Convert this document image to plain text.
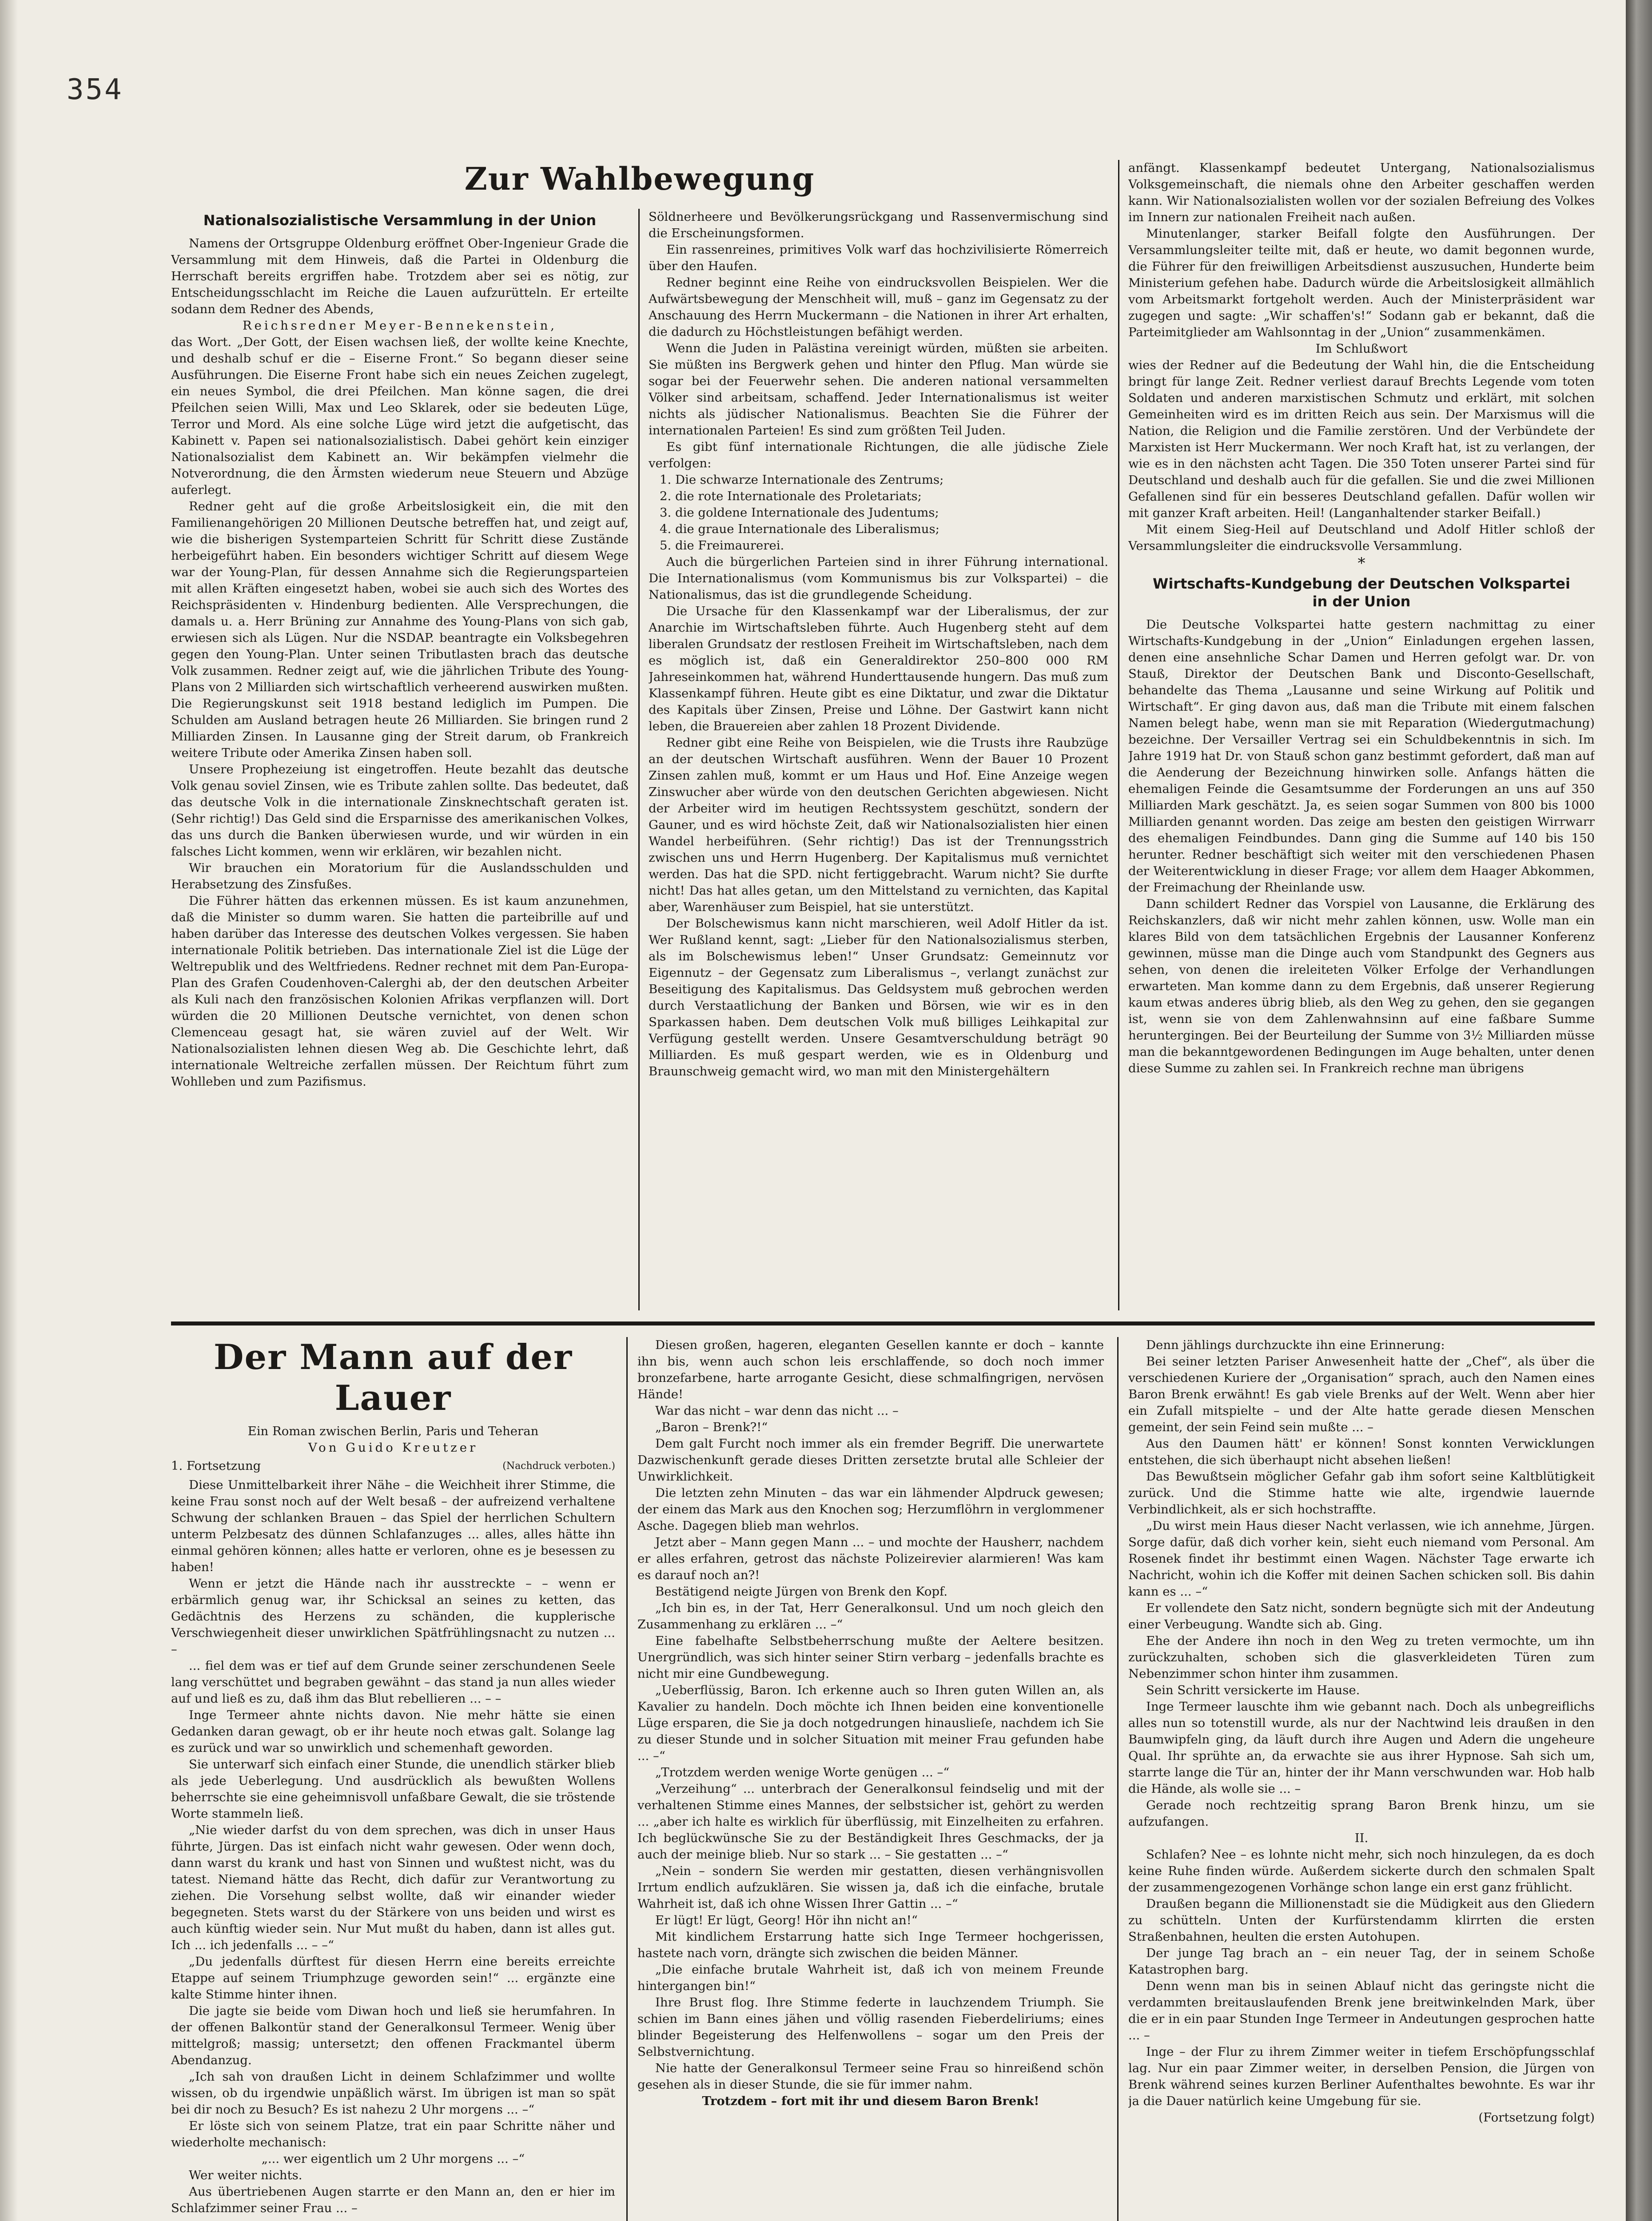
354
Zur Wahlbewegung
Nationalsozialistische Versammlung in der Union

Namens der Ortsgruppe Oldenburg eröffnet Ober-Ingenieur Grade die Versammlung mit dem Hinweis, daß die Partei in Oldenburg die Herrschaft bereits ergriffen habe. Trotzdem aber sei es nötig, zur Entscheidungsschlacht im Reiche die Lauen aufzurütteln. Er erteilte sodann dem Redner des Abends,

Reichsredner Meyer-Bennekenstein,

das Wort. „Der Gott, der Eisen wachsen ließ, der wollte keine Knechte, und deshalb schuf er die – Eiserne Front.“ So begann dieser seine Ausführungen. Die Eiserne Front habe sich ein neues Zeichen zugelegt, ein neues Symbol, die drei Pfeilchen. Man könne sagen, die drei Pfeilchen seien Willi, Max und Leo Sklarek, oder sie bedeuten Lüge, Terror und Mord. Als eine solche Lüge wird jetzt die aufgetischt, das Kabinett v. Papen sei nationalsozialistisch. Dabei gehört kein einziger Nationalsozialist dem Kabinett an. Wir bekämpfen vielmehr die Notverordnung, die den Ärmsten wiederum neue Steuern und Abzüge auferlegt.

Redner geht auf die große Arbeitslosigkeit ein, die mit den Familienangehörigen 20 Millionen Deutsche betreffen hat, und zeigt auf, wie die bisherigen Systemparteien Schritt für Schritt diese Zustände herbeigeführt haben. Ein besonders wichtiger Schritt auf diesem Wege war der Young-Plan, für dessen Annahme sich die Regierungsparteien mit allen Kräften eingesetzt haben, wobei sie auch sich des Wortes des Reichspräsidenten v. Hindenburg bedienten. Alle Versprechungen, die damals u. a. Herr Brüning zur Annahme des Young-Plans von sich gab, erwiesen sich als Lügen. Nur die NSDAP. beantragte ein Volksbegehren gegen den Young-Plan. Unter seinen Tributlasten brach das deutsche Volk zusammen. Redner zeigt auf, wie die jährlichen Tribute des Young-Plans von 2 Milliarden sich wirtschaftlich verheerend auswirken mußten. Die Regierungskunst seit 1918 bestand lediglich im Pumpen. Die Schulden am Ausland betragen heute 26 Milliarden. Sie bringen rund 2 Milliarden Zinsen. In Lausanne ging der Streit darum, ob Frankreich weitere Tribute oder Amerika Zinsen haben soll.

Unsere Prophezeiung ist eingetroffen. Heute bezahlt das deutsche Volk genau soviel Zinsen, wie es Tribute zahlen sollte. Das bedeutet, daß das deutsche Volk in die internationale Zinsknechtschaft geraten ist. (Sehr richtig!) Das Geld sind die Ersparnisse des amerikanischen Volkes, das uns durch die Banken überwiesen wurde, und wir würden in ein falsches Licht kommen, wenn wir erklären, wir bezahlen nicht.

Wir brauchen ein Moratorium für die Auslandsschulden und Herabsetzung des Zinsfußes.

Die Führer hätten das erkennen müssen. Es ist kaum anzunehmen, daß die Minister so dumm waren. Sie hatten die parteibrille auf und haben darüber das Interesse des deutschen Volkes vergessen. Sie haben internationale Politik betrieben. Das internationale Ziel ist die Lüge der Weltrepublik und des Weltfriedens. Redner rechnet mit dem Pan-Europa-Plan des Grafen Coudenhoven-Calerghi ab, der den deutschen Arbeiter als Kuli nach den französischen Kolonien Afrikas verpflanzen will. Dort würden die 20 Millionen Deutsche vernichtet, von denen schon Clemenceau gesagt hat, sie wären zuviel auf der Welt. Wir Nationalsozialisten lehnen diesen Weg ab. Die Geschichte lehrt, daß internationale Weltreiche zerfallen müssen. Der Reichtum führt zum Wohlleben und zum Pazifismus.

Söldnerheere und Bevölkerungsrückgang und Rassenvermischung sind die Erscheinungsformen.

Ein rassenreines, primitives Volk warf das hochzivilisierte Römerreich über den Haufen.

Redner beginnt eine Reihe von eindrucksvollen Beispielen. Wer die Aufwärtsbewegung der Menschheit will, muß – ganz im Gegensatz zu der Anschauung des Herrn Muckermann – die Nationen in ihrer Art erhalten, die dadurch zu Höchstleistungen befähigt werden.

Wenn die Juden in Palästina vereinigt würden, müßten sie arbeiten. Sie müßten ins Bergwerk gehen und hinter den Pflug. Man würde sie sogar bei der Feuerwehr sehen. Die anderen national versammelten Völker sind arbeitsam, schaffend. Jeder Internationalismus ist weiter nichts als jüdischer Nationalismus. Beachten Sie die Führer der internationalen Parteien! Es sind zum größten Teil Juden.

Es gibt fünf internationale Richtungen, die alle jüdische Ziele verfolgen:

1. Die schwarze Internationale des Zentrums;
2. die rote Internationale des Proletariats;
3. die goldene Internationale des Judentums;
4. die graue Internationale des Liberalismus;
5. die Freimaurerei.

Auch die bürgerlichen Parteien sind in ihrer Führung international. Die Internationalismus (vom Kommunismus bis zur Volkspartei) – die Nationalismus, das ist die grundlegende Scheidung.

Die Ursache für den Klassenkampf war der Liberalismus, der zur Anarchie im Wirtschaftsleben führte. Auch Hugenberg steht auf dem liberalen Grundsatz der restlosen Freiheit im Wirtschaftsleben, nach dem es möglich ist, daß ein Generaldirektor 250–800 000 RM Jahreseinkommen hat, während Hunderttausende hungern. Das muß zum Klassenkampf führen. Heute gibt es eine Diktatur, und zwar die Diktatur des Kapitals über Zinsen, Preise und Löhne. Der Gastwirt kann nicht leben, die Brauereien aber zahlen 18 Prozent Dividende.

Redner gibt eine Reihe von Beispielen, wie die Trusts ihre Raubzüge an der deutschen Wirtschaft ausführen. Wenn der Bauer 10 Prozent Zinsen zahlen muß, kommt er um Haus und Hof. Eine Anzeige wegen Zinswucher aber würde von den deutschen Gerichten abgewiesen. Nicht der Arbeiter wird im heutigen Rechtssystem geschützt, sondern der Gauner, und es wird höchste Zeit, daß wir Nationalsozialisten hier einen Wandel herbeiführen. (Sehr richtig!) Das ist der Trennungsstrich zwischen uns und Herrn Hugenberg. Der Kapitalismus muß vernichtet werden. Das hat die SPD. nicht fertiggebracht. Warum nicht? Sie durfte nicht! Das hat alles getan, um den Mittelstand zu vernichten, das Kapital aber, Warenhäuser zum Beispiel, hat sie unterstützt.

Der Bolschewismus kann nicht marschieren, weil Adolf Hitler da ist. Wer Rußland kennt, sagt: „Lieber für den Nationalsozialismus sterben, als im Bolschewismus leben!“ Unser Grundsatz: Gemeinnutz vor Eigennutz – der Gegensatz zum Liberalismus –, verlangt zunächst zur Beseitigung des Kapitalismus. Das Geldsystem muß gebrochen werden durch Verstaatlichung der Banken und Börsen, wie wir es in den Sparkassen haben. Dem deutschen Volk muß billiges Leihkapital zur Verfügung gestellt werden. Unsere Gesamtverschuldung beträgt 90 Milliarden. Es muß gespart werden, wie es in Oldenburg und Braunschweig gemacht wird, wo man mit den Ministergehältern

anfängt. Klassenkampf bedeutet Untergang, Nationalsozialismus Volksgemeinschaft, die niemals ohne den Arbeiter geschaffen werden kann. Wir Nationalsozialisten wollen vor der sozialen Befreiung des Volkes im Innern zur nationalen Freiheit nach außen.

Minutenlanger, starker Beifall folgte den Ausführungen. Der Versammlungsleiter teilte mit, daß er heute, wo damit begonnen wurde, die Führer für den freiwilligen Arbeitsdienst auszusuchen, Hunderte beim Ministerium gefehen habe. Dadurch würde die Arbeitslosigkeit allmählich vom Arbeitsmarkt fortgeholt werden. Auch der Ministerpräsident war zugegen und sagte: „Wir schaffen's!“ Sodann gab er bekannt, daß die Parteimitglieder am Wahlsonntag in der „Union“ zusammenkämen.

Im Schlußwort

wies der Redner auf die Bedeutung der Wahl hin, die die Entscheidung bringt für lange Zeit. Redner verliest darauf Brechts Legende vom toten Soldaten und anderen marxistischen Schmutz und erklärt, mit solchen Gemeinheiten wird es im dritten Reich aus sein. Der Marxismus will die Nation, die Religion und die Familie zerstören. Und der Verbündete der Marxisten ist Herr Muckermann. Wer noch Kraft hat, ist zu verlangen, der wie es in den nächsten acht Tagen. Die 350 Toten unserer Partei sind für Deutschland und deshalb auch für die gefallen. Sie und die zwei Millionen Gefallenen sind für ein besseres Deutschland gefallen. Dafür wollen wir mit ganzer Kraft arbeiten. Heil! (Langanhaltender starker Beifall.)

Mit einem Sieg-Heil auf Deutschland und Adolf Hitler schloß der Versammlungsleiter die eindrucksvolle Versammlung.

*
Wirtschafts-Kundgebung der Deutschen Volkspartei
in der Union

Die Deutsche Volkspartei hatte gestern nachmittag zu einer Wirtschafts-Kundgebung in der „Union“ Einladungen ergehen lassen, denen eine ansehnliche Schar Damen und Herren gefolgt war. Dr. von Stauß, Direktor der Deutschen Bank und Disconto-Gesellschaft, behandelte das Thema „Lausanne und seine Wirkung auf Politik und Wirtschaft“. Er ging davon aus, daß man die Tribute mit einem falschen Namen belegt habe, wenn man sie mit Reparation (Wiedergutmachung) bezeichne. Der Versailler Vertrag sei ein Schuldbekenntnis in sich. Im Jahre 1919 hat Dr. von Stauß schon ganz bestimmt gefordert, daß man auf die Aenderung der Bezeichnung hinwirken solle. Anfangs hätten die ehemaligen Feinde die Gesamtsumme der Forderungen an uns auf 350 Milliarden Mark geschätzt. Ja, es seien sogar Summen von 800 bis 1000 Milliarden genannt worden. Das zeige am besten den geistigen Wirrwarr des ehemaligen Feindbundes. Dann ging die Summe auf 140 bis 150 herunter. Redner beschäftigt sich weiter mit den verschiedenen Phasen der Weiterentwicklung in dieser Frage; vor allem dem Haager Abkommen, der Freimachung der Rheinlande usw.

Dann schildert Redner das Vorspiel von Lausanne, die Erklärung des Reichskanzlers, daß wir nicht mehr zahlen können, usw. Wolle man ein klares Bild von dem tatsächlichen Ergebnis der Lausanner Konferenz gewinnen, müsse man die Dinge auch vom Standpunkt des Gegners aus sehen, von denen die ireleiteten Völker Erfolge der Verhandlungen erwarteten. Man komme dann zu dem Ergebnis, daß unserer Regierung kaum etwas anderes übrig blieb, als den Weg zu gehen, den sie gegangen ist, wenn sie von dem Zahlenwahnsinn auf eine faßbare Summe heruntergingen. Bei der Beurteilung der Summe von 3½ Milliarden müsse man die bekanntgewordenen Bedingungen im Auge behalten, unter denen diese Summe zu zahlen sei. In Frankreich rechne man übrigens

Der Mann auf der Lauer

Ein Roman zwischen Berlin, Paris und Teheran

Von Guido Kreutzer

1. Fortsetzung	(Nachdruck verboten.)

Diese Unmittelbarkeit ihrer Nähe – die Weichheit ihrer Stimme, die keine Frau sonst noch auf der Welt besaß – der aufreizend verhaltene Schwung der schlanken Brauen – das Spiel der herrlichen Schultern unterm Pelzbesatz des dünnen Schlafanzuges ... alles, alles hätte ihn einmal gehören können; alles hatte er verloren, ohne es je besessen zu haben!

Wenn er jetzt die Hände nach ihr ausstreckte – – wenn er erbärmlich genug war, ihr Schicksal an seines zu ketten, das Gedächtnis des Herzens zu schänden, die kupplerische Verschwiegenheit dieser unwirklichen Spätfrühlingsnacht zu nutzen ... –

... fiel dem was er tief auf dem Grunde seiner zerschundenen Seele lang verschüttet und begraben gewähnt – das stand ja nun alles wieder auf und ließ es zu, daß ihm das Blut rebellieren ... – –

Inge Termeer ahnte nichts davon. Nie mehr hätte sie einen Gedanken daran gewagt, ob er ihr heute noch etwas galt. Solange lag es zurück und war so unwirklich und schemenhaft geworden.

Sie unterwarf sich einfach einer Stunde, die unendlich stärker blieb als jede Ueberlegung. Und ausdrücklich als bewußten Wollens beherrschte sie eine geheimnisvoll unfaßbare Gewalt, die sie tröstende Worte stammeln ließ.

„Nie wieder darfst du von dem sprechen, was dich in unser Haus führte, Jürgen. Das ist einfach nicht wahr gewesen. Oder wenn doch, dann warst du krank und hast von Sinnen und wußtest nicht, was du tatest. Niemand hätte das Recht, dich dafür zur Verantwortung zu ziehen. Die Vorsehung selbst wollte, daß wir einander wieder begegneten. Stets warst du der Stärkere von uns beiden und wirst es auch künftig wieder sein. Nur Mut mußt du haben, dann ist alles gut. Ich ... ich jedenfalls ... – –“

„Du jedenfalls dürftest für diesen Herrn eine bereits erreichte Etappe auf seinem Triumphzuge geworden sein!“ ... ergänzte eine kalte Stimme hinter ihnen.

Die jagte sie beide vom Diwan hoch und ließ sie herumfahren. In der offenen Balkontür stand der Generalkonsul Termeer. Wenig über mittelgroß; massig; untersetzt; den offenen Frackmantel überm Abendanzug.

„Ich sah von draußen Licht in deinem Schlafzimmer und wollte wissen, ob du irgendwie unpäßlich wärst. Im übrigen ist man so spät bei dir noch zu Besuch? Es ist nahezu 2 Uhr morgens ... –“

Er löste sich von seinem Platze, trat ein paar Schritte näher und wiederholte mechanisch:

„... wer eigentlich um 2 Uhr morgens ... –“

Wer weiter nichts.

Aus übertriebenen Augen starrte er den Mann an, den er hier im Schlafzimmer seiner Frau ... –

Diesen großen, hageren, eleganten Gesellen kannte er doch – kannte ihn bis, wenn auch schon leis erschlaffende, so doch noch immer bronzefarbene, harte arrogante Gesicht, diese schmalfingrigen, nervösen Hände!

War das nicht – war denn das nicht ... –

„Baron – Brenk?!“

Dem galt Furcht noch immer als ein fremder Begriff. Die unerwartete Dazwischenkunft gerade dieses Dritten zersetzte brutal alle Schleier der Unwirklichkeit.

Die letzten zehn Minuten – das war ein lähmender Alpdruck gewesen; der einem das Mark aus den Knochen sog; Herzumflöhrn in verglommener Asche. Dagegen blieb man wehrlos.

Jetzt aber – Mann gegen Mann ... – und mochte der Hausherr, nachdem er alles erfahren, getrost das nächste Polizeirevier alarmieren! Was kam es darauf noch an?!

Bestätigend neigte Jürgen von Brenk den Kopf.

„Ich bin es, in der Tat, Herr Generalkonsul. Und um noch gleich den Zusammenhang zu erklären ... –“

Eine fabelhafte Selbstbeherrschung mußte der Aeltere besitzen. Unergründlich, was sich hinter seiner Stirn verbarg – jedenfalls brachte es nicht mir eine Gundbewegung.

„Ueberflüssig, Baron. Ich erkenne auch so Ihren guten Willen an, als Kavalier zu handeln. Doch möchte ich Ihnen beiden eine konventionelle Lüge ersparen, die Sie ja doch notgedrungen hinauslieſe, nachdem ich Sie zu dieser Stunde und in solcher Situation mit meiner Frau gefunden habe ... –“

„Trotzdem werden wenige Worte genügen ... –“

„Verzeihung“ ... unterbrach der Generalkonsul feindselig und mit der verhaltenen Stimme eines Mannes, der selbstsicher ist, gehört zu werden ... „aber ich halte es wirklich für überflüssig, mit Einzelheiten zu erfahren. Ich beglückwünsche Sie zu der Beständigkeit Ihres Geschmacks, der ja auch der meinige blieb. Nur so stark ... – Sie gestatten ... –“

„Nein – sondern Sie werden mir gestatten, diesen verhängnisvollen Irrtum endlich aufzuklären. Sie wissen ja, daß ich die einfache, brutale Wahrheit ist, daß ich ohne Wissen Ihrer Gattin ... –“

Er lügt! Er lügt, Georg! Hör ihn nicht an!“

Mit kindlichem Erstarrung hatte sich Inge Termeer hochgerissen, hastete nach vorn, drängte sich zwischen die beiden Männer.

„Die einfache brutale Wahrheit ist, daß ich von meinem Freunde hintergangen bin!“

Ihre Brust flog. Ihre Stimme federte in lauchzendem Triumph. Sie schien im Bann eines jähen und völlig rasenden Fieberdeliriums; eines blinder Begeisterung des Helfenwollens – sogar um den Preis der Selbstvernichtung.

Nie hatte der Generalkonsul Termeer seine Frau so hinreißend schön gesehen als in dieser Stunde, die sie für immer nahm.

Trotzdem – fort mit ihr und diesem Baron Brenk!

Denn jählings durchzuckte ihn eine Erinnerung:

Bei seiner letzten Pariser Anwesenheit hatte der „Chef“, als über die verschiedenen Kuriere der „Organisation“ sprach, auch den Namen eines Baron Brenk erwähnt! Es gab viele Brenks auf der Welt. Wenn aber hier ein Zufall mitspielte – und der Alte hatte gerade diesen Menschen gemeint, der sein Feind sein mußte ... –

Aus den Daumen hätt' er können! Sonst konnten Verwicklungen entstehen, die sich überhaupt nicht absehen ließen!

Das Bewußtsein möglicher Gefahr gab ihm sofort seine Kaltblütigkeit zurück. Und die Stimme hatte wie alte, irgendwie lauernde Verbindlichkeit, als er sich hochstraffte.

„Du wirst mein Haus dieser Nacht verlassen, wie ich annehme, Jürgen. Sorge dafür, daß dich vorher kein, sieht euch niemand vom Personal. Am Rosenek findet ihr bestimmt einen Wagen. Nächster Tage erwarte ich Nachricht, wohin ich die Koffer mit deinen Sachen schicken soll. Bis dahin kann es ... –“

Er vollendete den Satz nicht, sondern begnügte sich mit der Andeutung einer Verbeugung. Wandte sich ab. Ging.

Ehe der Andere ihn noch in den Weg zu treten vermochte, um ihn zurückzuhalten, schoben sich die glasverkleideten Türen zum Nebenzimmer schon hinter ihm zusammen.

Sein Schritt versickerte im Hause.

Inge Termeer lauschte ihm wie gebannt nach. Doch als unbegreiflichs alles nun so totenstill wurde, als nur der Nachtwind leis draußen in den Baumwipfeln ging, da läuft durch ihre Augen und Adern die ungeheure Qual. Ihr sprühte an, da erwachte sie aus ihrer Hypnose. Sah sich um, starrte lange die Tür an, hinter der ihr Mann verschwunden war. Hob halb die Hände, als wolle sie ... –

Gerade noch rechtzeitig sprang Baron Brenk hinzu, um sie aufzufangen.

II.

Schlafen? Nee – es lohnte nicht mehr, sich noch hinzulegen, da es doch keine Ruhe finden würde. Außerdem sickerte durch den schmalen Spalt der zusammengezogenen Vorhänge schon lange ein erst ganz frühlicht.

Draußen begann die Millionenstadt sie die Müdigkeit aus den Gliedern zu schütteln. Unten der Kurfürstendamm klirrten die ersten Straßenbahnen, heulten die ersten Autohupen.

Der junge Tag brach an – ein neuer Tag, der in seinem Schoße Katastrophen barg.

Denn wenn man bis in seinen Ablauf nicht das geringste nicht die verdammten breitauslaufenden Brenk jene breitwinkelnden Mark, über die er in ein paar Stunden Inge Termeer in Andeutungen gesprochen hatte ... –

Inge – der Flur zu ihrem Zimmer weiter in tiefem Erschöpfungsschlaf lag. Nur ein paar Zimmer weiter, in derselben Pension, die Jürgen von Brenk während seines kurzen Berliner Aufenthaltes bewohnte. Es war ihr ja die Dauer natürlich keine Umgebung für sie.

(Fortsetzung folgt)
